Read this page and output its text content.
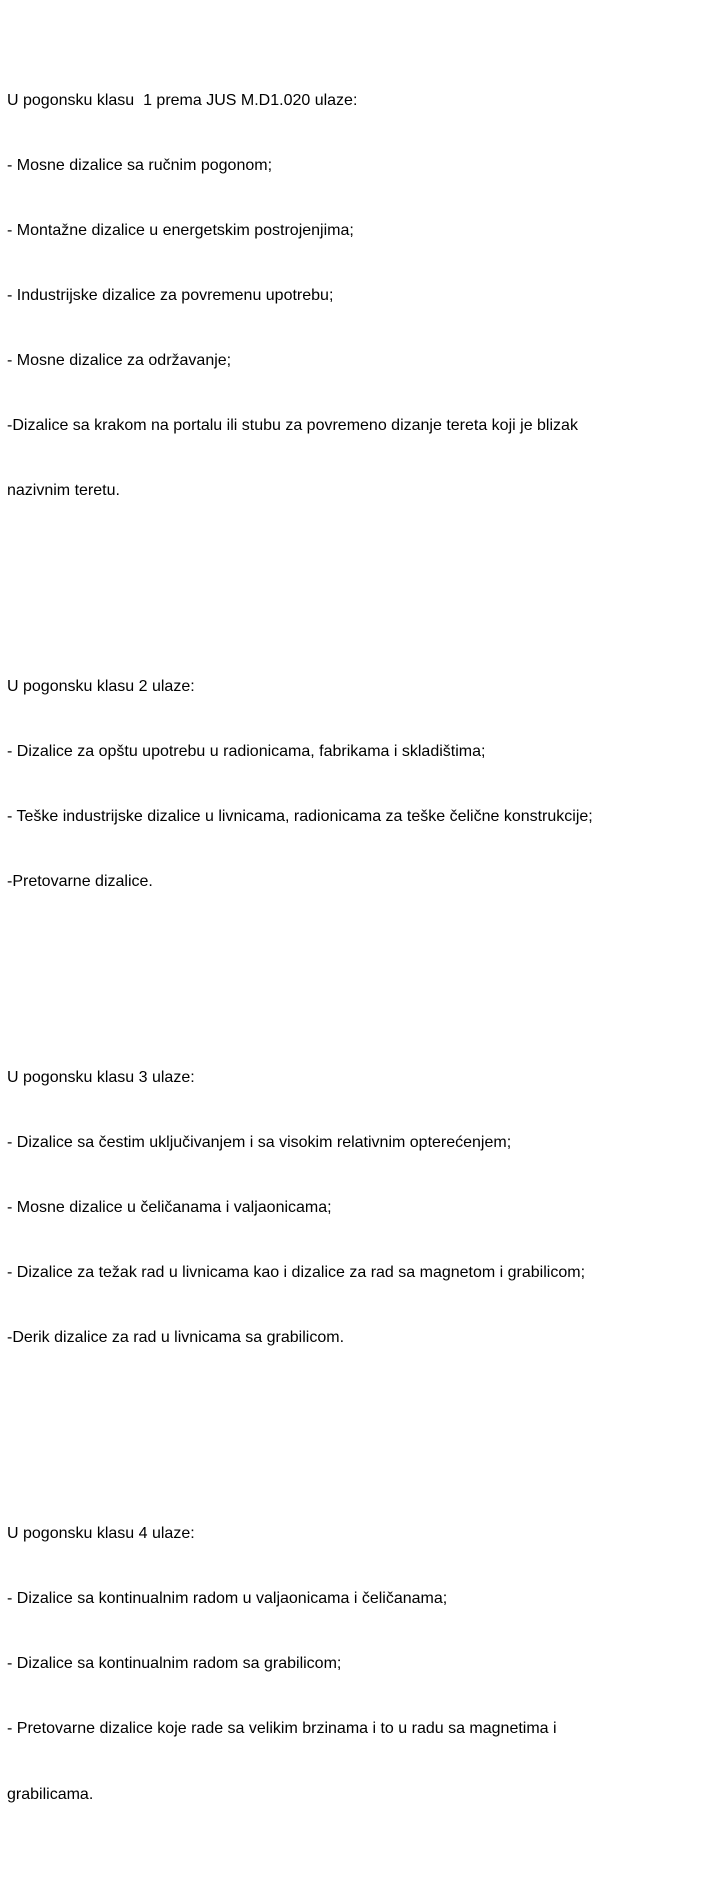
U pogonsku klasu  1 prema JUS M.D1.020 ulaze:

- Mosne dizalice sa ručnim pogonom;

- Montažne dizalice u energetskim postrojenjima;

- Industrijske dizalice za povremenu upotrebu;

- Mosne dizalice za održavanje;

-Dizalice sa krakom na portalu ili stubu za povremeno dizanje tereta koji je blizak

nazivnim teretu.

U pogonsku klasu 2 ulaze:

- Dizalice za opštu upotrebu u radionicama, fabrikama i skladištima;

- Teške industrijske dizalice u livnicama, radionicama za teške čelične konstrukcije;

-Pretovarne dizalice.

U pogonsku klasu 3 ulaze:

- Dizalice sa čestim uključivanjem i sa visokim relativnim opterećenjem;

- Mosne dizalice u čeličanama i valjaonicama;

- Dizalice za težak rad u livnicama kao i dizalice za rad sa magnetom i grabilicom;

-Derik dizalice za rad u livnicama sa grabilicom.

U pogonsku klasu 4 ulaze:

- Dizalice sa kontinualnim radom u valjaonicama i čeličanama;

- Dizalice sa kontinualnim radom sa grabilicom;

- Pretovarne dizalice koje rade sa velikim brzinama i to u radu sa magnetima i

grabilicama.
